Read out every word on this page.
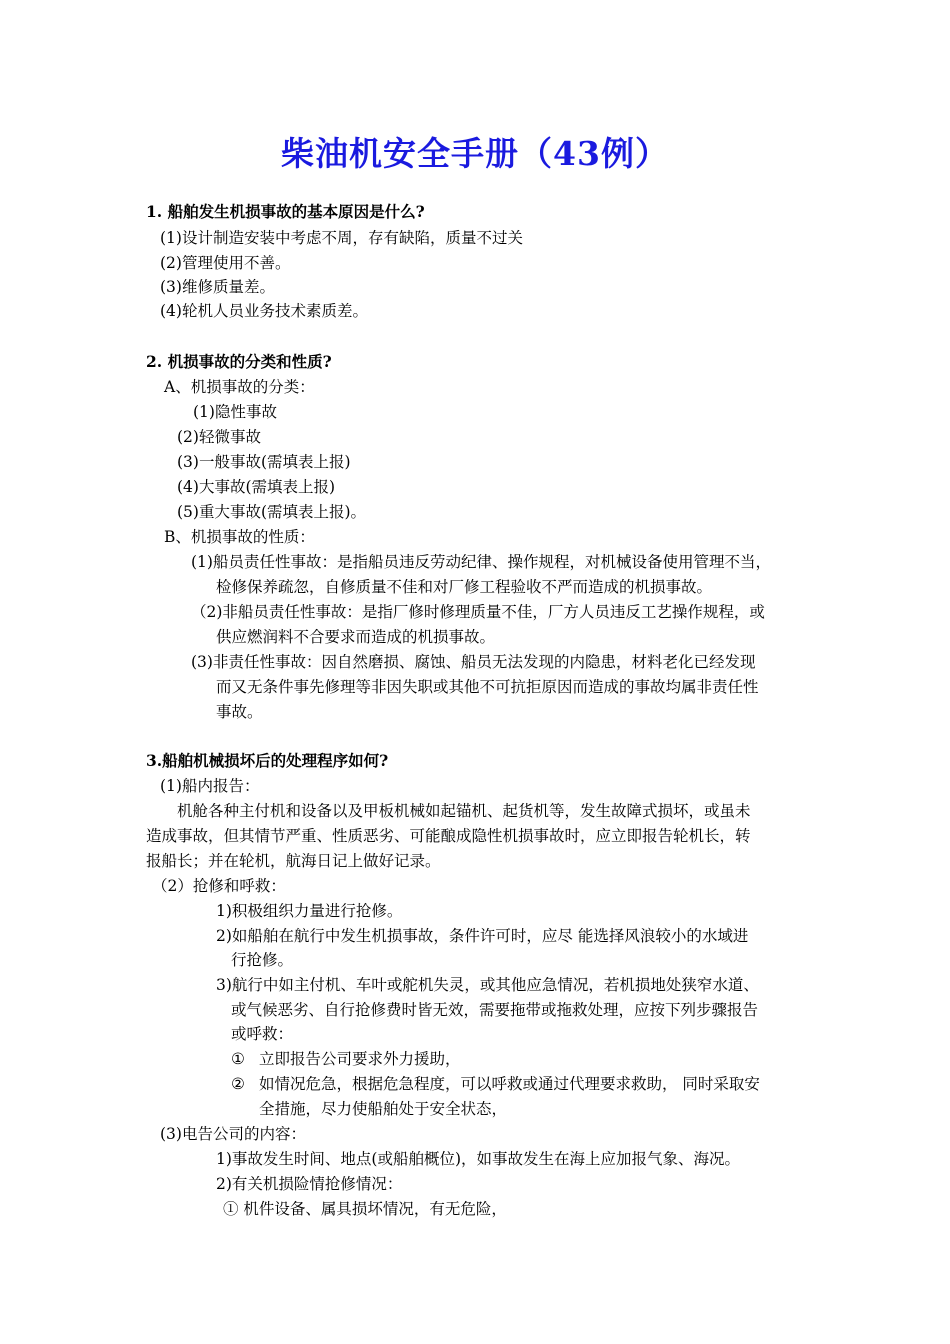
柴油机安全手册（43例）
1. 船舶发生机损事故的基本原因是什么?
(1)设计制造安装中考虑不周，存有缺陷，质量不过关
(2)管理使用不善。
(3)维修质量差。
(4)轮机人员业务技术素质差。
2. 机损事故的分类和性质?
A、机损事故的分类：
(1)隐性事故
(2)轻微事故
(3)一般事故(需填表上报)
(4)大事故(需填表上报)
(5)重大事故(需填表上报)。
B、机损事故的性质：
(1)船员责任性事故：是指船员违反劳动纪律、操作规程，对机械设备使用管理不当，
检修保养疏忽，自修质量不佳和对厂修工程验收不严而造成的机损事故。
（2)非船员责任性事故：是指厂修时修理质量不佳，厂方人员违反工艺操作规程，或
供应燃润料不合要求而造成的机损事故。
(3)非责任性事故：因自然磨损、腐蚀、船员无法发现的内隐患，材料老化已经发现
而又无条件事先修理等非因失职或其他不可抗拒原因而造成的事故均属非责任性
事故。
3.船舶机械损坏后的处理程序如何?
(1)船内报告：
机舱各种主付机和设备以及甲板机械如起锚机、起货机等，发生故障式损坏，或虽未
造成事故，但其情节严重、性质恶劣、可能酿成隐性机损事故时，应立即报告轮机长，转
报船长；并在轮机，航海日记上做好记录。
（2）抢修和呼救：
1)积极组织力量进行抢修。
2)如船舶在航行中发生机损事故，条件许可时，应尽 能选择风浪较小的水域进
行抢修。
3)航行中如主付机、车叶或舵机失灵，或其他应急情况，若机损地处狭窄水道、
或气候恶劣、自行抢修费时皆无效，需要拖带或拖救处理，应按下列步骤报告
或呼救：
① 立即报告公司要求外力援助，
② 如情况危急，根据危急程度，可以呼救或通过代理要求救助， 同时采取安
全措施，尽力使船舶处于安全状态，
(3)电告公司的内容：
1)事故发生时间、地点(或船舶概位)，如事故发生在海上应加报气象、海况。
2)有关机损险情抢修情况：
① 机件设备、属具损坏情况，有无危险，
